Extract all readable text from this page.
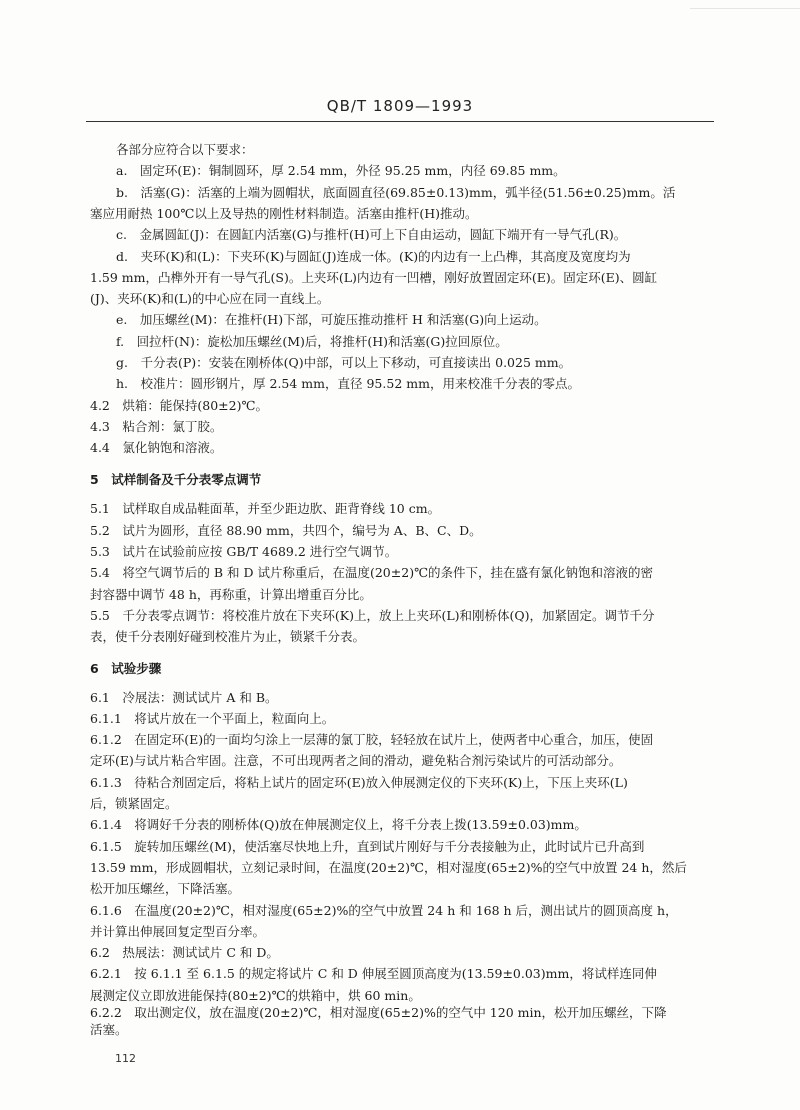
QB/T 1809—1993
各部分应符合以下要求：
a.　固定环(E)：铜制圆环，厚 2.54 mm，外径 95.25 mm，内径 69.85 mm。
b.　活塞(G)：活塞的上端为圆帽状，底面圆直径(69.85±0.13)mm，弧半径(51.56±0.25)mm。活
塞应用耐热 100℃以上及导热的刚性材料制造。活塞由推杆(H)推动。
c.　金属圆缸(J)：在圆缸内活塞(G)与推杆(H)可上下自由运动，圆缸下端开有一导气孔(R)。
d.　夹环(K)和(L)：下夹环(K)与圆缸(J)连成一体。(K)的内边有一上凸榫，其高度及宽度均为
1.59 mm，凸榫外开有一导气孔(S)。上夹环(L)内边有一凹槽，刚好放置固定环(E)。固定环(E)、圆缸
(J)、夹环(K)和(L)的中心应在同一直线上。
e.　加压螺丝(M)：在推杆(H)下部，可旋压推动推杆 H 和活塞(G)向上运动。
f.　回拉杆(N)：旋松加压螺丝(M)后，将推杆(H)和活塞(G)拉回原位。
g.　千分表(P)：安装在刚桥体(Q)中部，可以上下移动，可直接读出 0.025 mm。
h.　校准片：圆形钢片，厚 2.54 mm，直径 95.52 mm，用来校准千分表的零点。
4.2　烘箱：能保持(80±2)℃。
4.3　粘合剂：氯丁胶。
4.4　氯化钠饱和溶液。
5　试样制备及千分表零点调节
5.1　试样取自成品鞋面革，并至少距边肷、距背脊线 10 cm。
5.2　试片为圆形，直径 88.90 mm，共四个，编号为 A、B、C、D。
5.3　试片在试验前应按 GB/T 4689.2 进行空气调节。
5.4　将空气调节后的 B 和 D 试片称重后，在温度(20±2)℃的条件下，挂在盛有氯化钠饱和溶液的密
封容器中调节 48 h，再称重，计算出增重百分比。
5.5　千分表零点调节：将校准片放在下夹环(K)上，放上上夹环(L)和刚桥体(Q)，加紧固定。调节千分
表，使千分表刚好碰到校准片为止，锁紧千分表。
6　试验步骤
6.1　冷展法：测试试片 A 和 B。
6.1.1　将试片放在一个平面上，粒面向上。
6.1.2　在固定环(E)的一面均匀涂上一层薄的氯丁胶，轻轻放在试片上，使两者中心重合，加压，使固
定环(E)与试片粘合牢固。注意，不可出现两者之间的滑动，避免粘合剂污染试片的可活动部分。
6.1.3　待粘合剂固定后，将粘上试片的固定环(E)放入伸展测定仪的下夹环(K)上，下压上夹环(L)
后，锁紧固定。
6.1.4　将调好千分表的刚桥体(Q)放在伸展测定仪上，将千分表上拨(13.59±0.03)mm。
6.1.5　旋转加压螺丝(M)，使活塞尽快地上升，直到试片刚好与千分表接触为止，此时试片已升高到
13.59 mm，形成圆帽状，立刻记录时间，在温度(20±2)℃，相对湿度(65±2)%的空气中放置 24 h，然后
松开加压螺丝，下降活塞。
6.1.6　在温度(20±2)℃，相对湿度(65±2)%的空气中放置 24 h 和 168 h 后，测出试片的圆顶高度 h，
并计算出伸展回复定型百分率。
6.2　热展法：测试试片 C 和 D。
6.2.1　按 6.1.1 至 6.1.5 的规定将试片 C 和 D 伸展至圆顶高度为(13.59±0.03)mm，将试样连同伸
展测定仪立即放进能保持(80±2)℃的烘箱中，烘 60 min。
6.2.2　取出测定仪，放在温度(20±2)℃，相对湿度(65±2)%的空气中 120 min，松开加压螺丝，下降
活塞。
112
